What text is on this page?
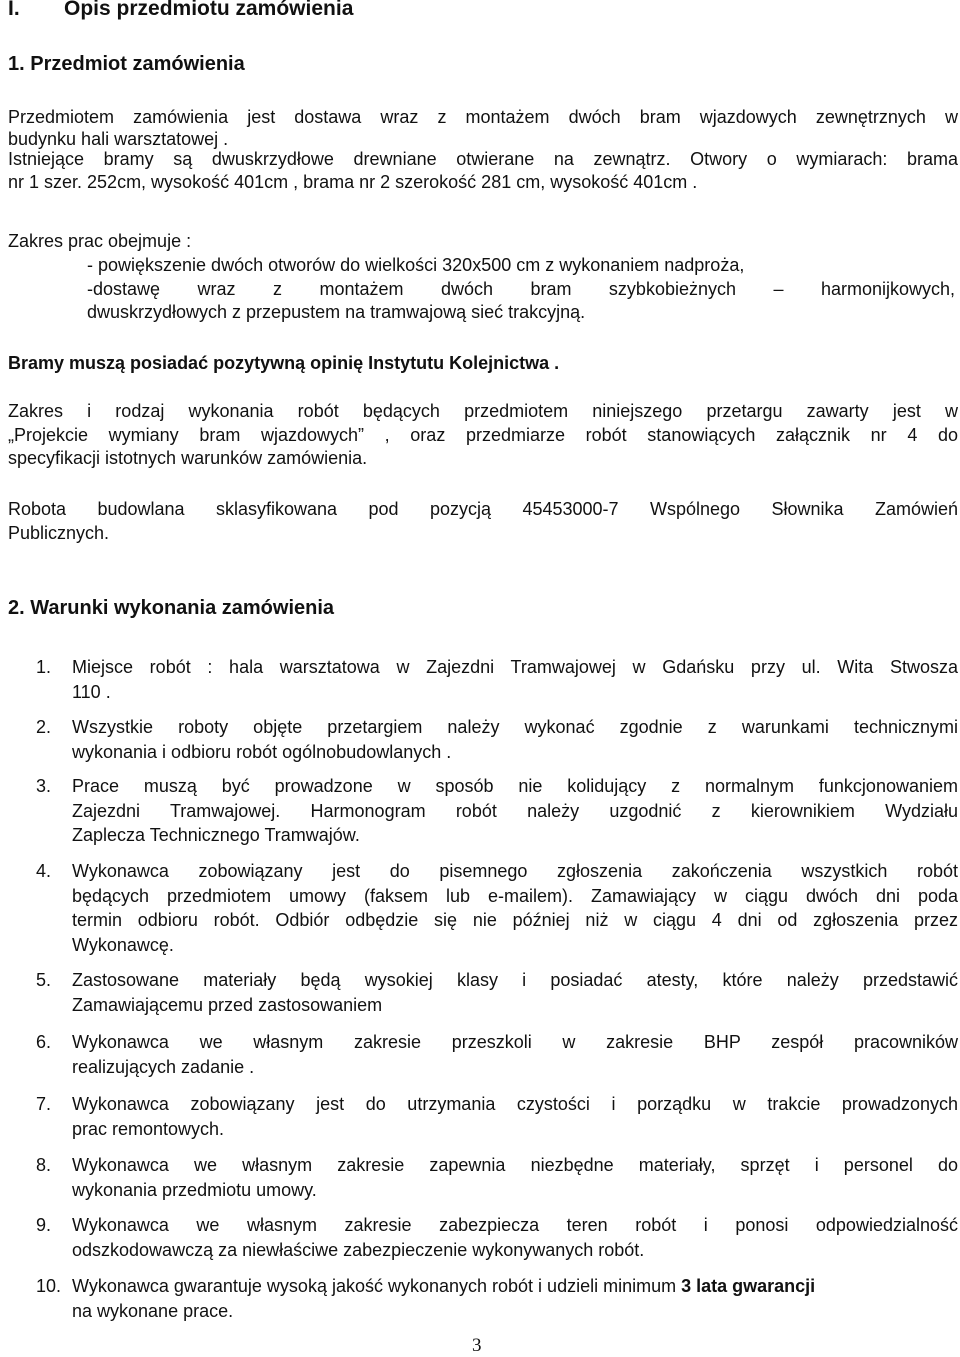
I. Opis przedmiotu zamówienia
1. Przedmiot zamówienia
Przedmiotem zamówienia jest dostawa wraz z montażem dwóch bram wjazdowych zewnętrznych w
budynku hali warsztatowej .
Istniejące bramy są dwuskrzydłowe drewniane otwierane na zewnątrz. Otwory o wymiarach: brama
nr 1 szer. 252cm, wysokość 401cm , brama nr 2 szerokość 281 cm, wysokość 401cm .
Zakres prac obejmuje :
- powiększenie dwóch otworów do wielkości 320x500 cm z wykonaniem nadproża,
-dostawę wraz z montażem dwóch bram szybkobieżnych – harmonijkowych,
dwuskrzydłowych z przepustem na tramwajową sieć trakcyjną.
Bramy muszą posiadać pozytywną opinię Instytutu Kolejnictwa .
Zakres i rodzaj wykonania robót będących przedmiotem niniejszego przetargu zawarty jest w
„Projekcie wymiany bram wjazdowych” , oraz przedmiarze robót stanowiących załącznik nr 4 do
specyfikacji istotnych warunków zamówienia.
Robota budowlana sklasyfikowana pod pozycją 45453000-7 Wspólnego Słownika Zamówień
Publicznych.
2. Warunki wykonania zamówienia
1.	Miejsce robót : hala warsztatowa w Zajezdni Tramwajowej w Gdańsku przy ul. Wita Stwosza
110 .
2.	Wszystkie roboty objęte przetargiem należy wykonać zgodnie z warunkami technicznymi
wykonania i odbioru robót ogólnobudowlanych .
3.	Prace muszą być prowadzone w sposób nie kolidujący z normalnym funkcjonowaniem
Zajezdni Tramwajowej. Harmonogram robót należy uzgodnić z kierownikiem Wydziału
Zaplecza Technicznego Tramwajów.
4.	Wykonawca zobowiązany jest do pisemnego zgłoszenia zakończenia wszystkich robót
będących przedmiotem umowy (faksem lub e-mailem). Zamawiający w ciągu dwóch dni poda
termin odbioru robót. Odbiór odbędzie się nie później niż w ciągu 4 dni od zgłoszenia przez
Wykonawcę.
5.	Zastosowane materiały będą wysokiej klasy i posiadać atesty, które należy przedstawić
Zamawiającemu przed zastosowaniem
6.	Wykonawca we własnym zakresie przeszkoli w zakresie BHP zespół pracowników
realizujących zadanie .
7.	Wykonawca zobowiązany jest do utrzymania czystości i porządku w trakcie prowadzonych
prac remontowych.
8.	Wykonawca we własnym zakresie zapewnia niezbędne materiały, sprzęt i personel do
wykonania przedmiotu umowy.
9.	Wykonawca we własnym zakresie zabezpiecza teren robót i ponosi odpowiedzialność
odszkodowawczą za niewłaściwe zabezpieczenie wykonywanych robót.
10. Wykonawca gwarantuje wysoką jakość wykonanych robót i udzieli minimum 3 lata gwarancji
na wykonane prace.
3
